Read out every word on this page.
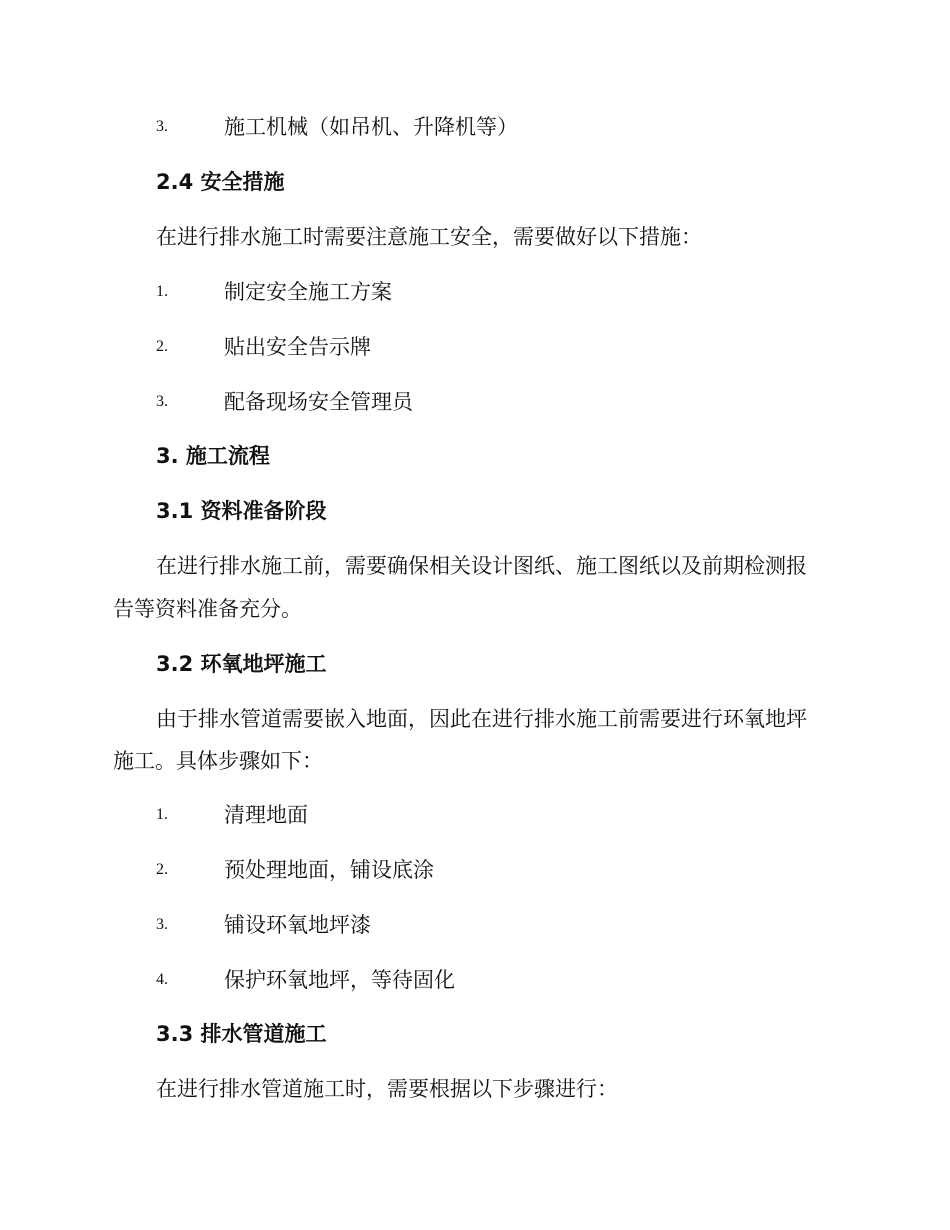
3.	施工机械（如吊机、升降机等）
2.4 安全措施
在进行排水施工时需要注意施工安全，需要做好以下措施：
1.	制定安全施工方案
2.	贴出安全告示牌
3.	配备现场安全管理员
3. 施工流程
3.1 资料准备阶段
在进行排水施工前，需要确保相关设计图纸、施工图纸以及前期检测报
告等资料准备充分。
3.2 环氧地坪施工
由于排水管道需要嵌入地面，因此在进行排水施工前需要进行环氧地坪
施工。具体步骤如下：
1.	清理地面
2.	预处理地面，铺设底涂
3.	铺设环氧地坪漆
4.	保护环氧地坪，等待固化
3.3 排水管道施工
在进行排水管道施工时，需要根据以下步骤进行：
